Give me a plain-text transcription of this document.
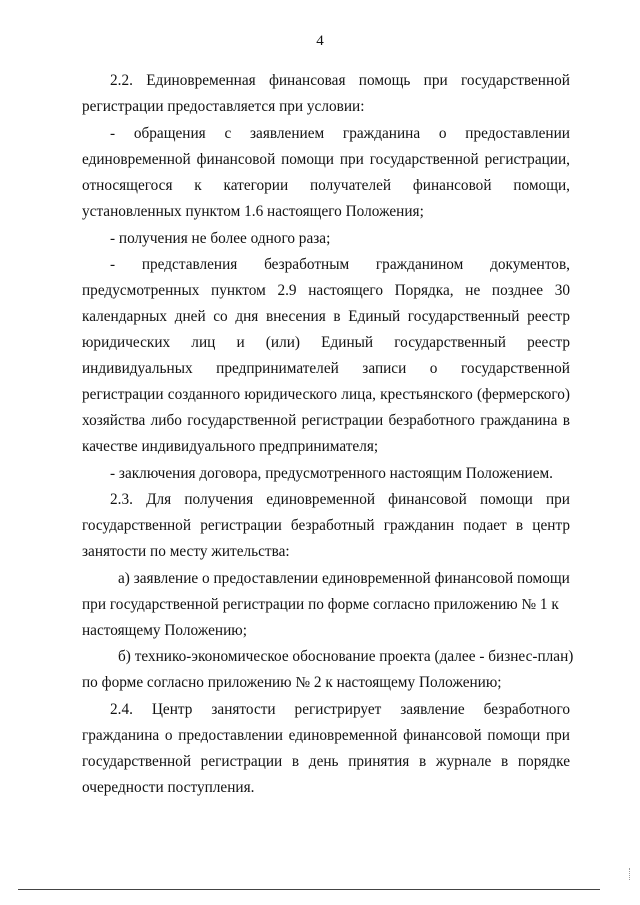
4
2.2. Единовременная финансовая помощь при государственной
регистрации предоставляется при условии:
- обращения с заявлением гражданина о предоставлении
единовременной финансовой помощи при государственной регистрации,
относящегося к категории получателей финансовой помощи,
установленных пунктом 1.6 настоящего Положения;
- получения не более одного раза;
- представления безработным гражданином документов,
предусмотренных пунктом 2.9 настоящего Порядка, не позднее 30
календарных дней со дня внесения в Единый государственный реестр
юридических лиц и (или) Единый государственный реестр
индивидуальных предпринимателей записи о государственной
регистрации созданного юридического лица, крестьянского (фермерского)
хозяйства либо государственной регистрации безработного гражданина в
качестве индивидуального предпринимателя;
- заключения договора, предусмотренного настоящим Положением.
2.3. Для получения единовременной финансовой помощи при
государственной регистрации безработный гражданин подает в центр
занятости по месту жительства:
а) заявление о предоставлении единовременной финансовой помощи
при государственной регистрации по форме согласно приложению № 1 к
настоящему Положению;
б) технико-экономическое обоснование проекта (далее - бизнес-план)
по форме согласно приложению № 2 к настоящему Положению;
2.4. Центр занятости регистрирует заявление безработного
гражданина о предоставлении единовременной финансовой помощи при
государственной регистрации в день принятия в журнале в порядке
очередности поступления.
